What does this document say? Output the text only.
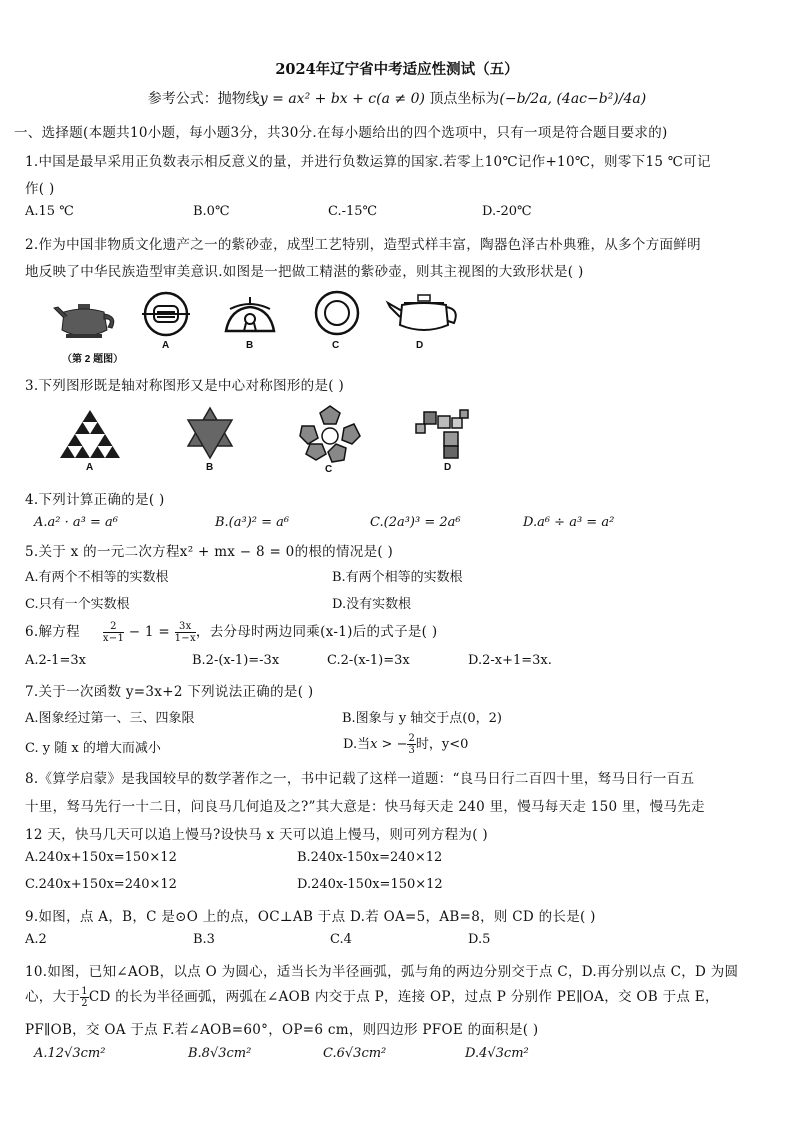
2024年辽宁省中考适应性测试（五）
参考公式：抛物线y = ax² + bx + c(a ≠ 0) 顶点坐标为(−b/2a, (4ac−b²)/4a)
一、选择题(本题共10小题，每小题3分，共30分.在每小题给出的四个选项中，只有一项是符合题目要求的)
1.中国是最早采用正负数表示相反意义的量，并进行负数运算的国家.若零上10℃记作+10℃，则零下15 ℃可记
作( )
A.15 ℃	B.0℃	C.-15℃	D.-20℃
2.作为中国非物质文化遗产之一的紫砂壶，成型工艺特别，造型式样丰富，陶器色泽古朴典雅，从多个方面鲜明
地反映了中华民族造型审美意识.如图是一把做工精湛的紫砂壶，则其主视图的大致形状是( )
（第 2 题图）
A	B	C	D
3.下列图形既是轴对称图形又是中心对称图形的是( )
A	B	C	D
4.下列计算正确的是( )
A.a² · a³ = a⁶	B.(a³)² = a⁶	C.(2a³)³ = 2a⁶	D.a⁶ ÷ a³ = a²
5.关于 x 的一元二次方程x² + mx − 8 = 0的根的情况是( )
A.有两个不相等的实数根	B.有两个相等的实数根
C.只有一个实数根	D.没有实数根
6.解方程 $\frac{2}{x-1} - 1 = \frac{3x}{1-x}$ ，去分母时两边同乘(x-1)后的式子是( )
A.2-1=3x	B.2-(x-1)=-3x	C.2-(x-1)=3x	D.2-x+1=3x.
7.关于一次函数 y=3x+2 下列说法正确的是( )
A.图象经过第一、三、四象限	B.图象与 y 轴交于点(0，2)
C. y 随 x 的增大而减小	D.当x > − $\frac{2}{3}$ 时，y<0
8.《算学启蒙》是我国较早的数学著作之一，书中记载了这样一道题：“良马日行二百四十里，驽马日行一百五
十里，驽马先行一十二日，问良马几何追及之?”其大意是：快马每天走 240 里，慢马每天走 150 里，慢马先走
12 天，快马几天可以追上慢马?设快马 x 天可以追上慢马，则可列方程为( )
A.240x+150x=150×12	B.240x-150x=240×12
C.240x+150x=240×12	D.240x-150x=150×12
9.如图，点 A，B，C 是⊙O 上的点，OC⊥AB 于点 D.若 OA=5，AB=8，则 CD 的长是( )
A.2	B.3	C.4	D.5
10.如图，已知∠AOB，以点 O 为圆心，适当长为半径画弧，弧与角的两边分别交于点 C，D.再分别以点 C，D 为圆
心，大于 $\frac{1}{2}$ CD 的长为半径画弧，两弧在∠AOB 内交于点 P，连接 OP，过点 P 分别作 PE∥OA，交 OB 于点 E，
PF∥OB，交 OA 于点 F.若∠AOB=60°，OP=6 cm，则四边形 PFOE 的面积是( )
A.12√3cm²	B.8√3cm²	C.6√3cm²	D.4√3cm²
